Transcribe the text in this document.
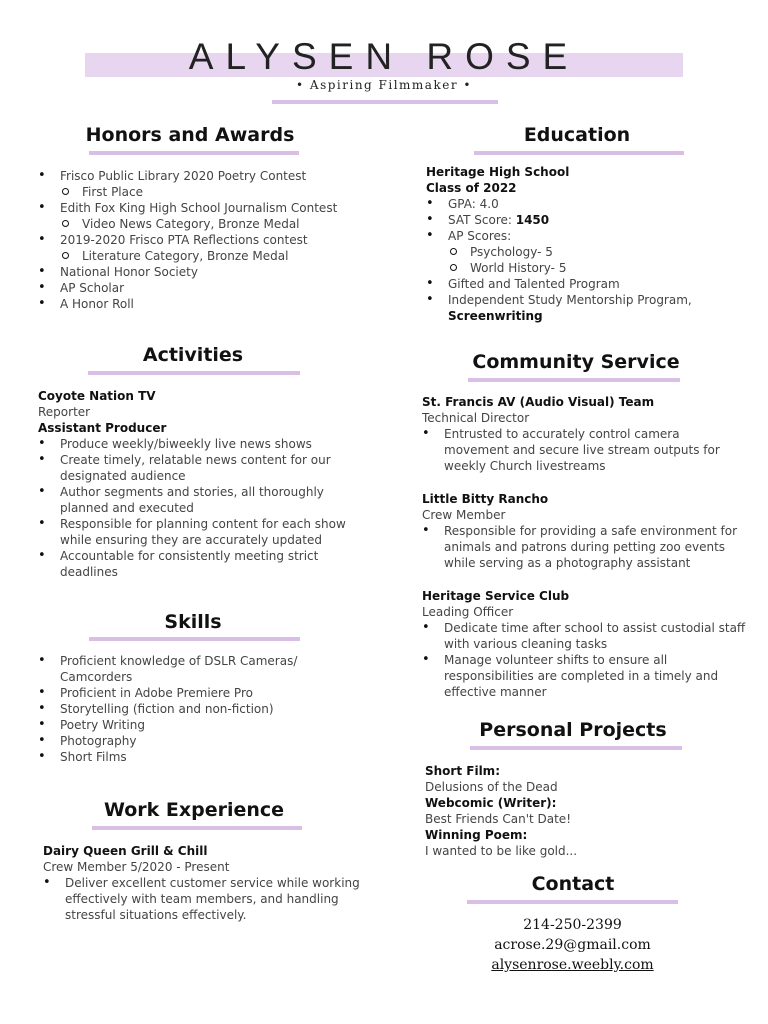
ALYSEN ROSE
• Aspiring Filmmaker •
Honors and Awards
• Frisco Public Library 2020 Poetry Contest
First Place
• Edith Fox King High School Journalism Contest
Video News Category, Bronze Medal
• 2019-2020 Frisco PTA Reflections contest
Literature Category, Bronze Medal
• National Honor Society
• AP Scholar
• A Honor Roll
Education
Heritage High School
Class of 2022
• GPA: 4.0
• SAT Score: 1450
• AP Scores:
Psychology- 5
World History- 5
• Gifted and Talented Program
• Independent Study Mentorship Program,
Screenwriting
Activities
Coyote Nation TV
Reporter
Assistant Producer
• Produce weekly/biweekly live news shows
• Create timely, relatable news content for our
designated audience
• Author segments and stories, all thoroughly
planned and executed
• Responsible for planning content for each show
while ensuring they are accurately updated
• Accountable for consistently meeting strict
deadlines
Community Service
St. Francis AV (Audio Visual) Team
Technical Director
• Entrusted to accurately control camera
movement and secure live stream outputs for
weekly Church livestreams
Little Bitty Rancho
Crew Member
• Responsible for providing a safe environment for
animals and patrons during petting zoo events
while serving as a photography assistant
Heritage Service Club
Leading Officer
• Dedicate time after school to assist custodial staff
with various cleaning tasks
• Manage volunteer shifts to ensure all
responsibilities are completed in a timely and
effective manner
Skills
• Proficient knowledge of DSLR Cameras/
Camcorders
• Proficient in Adobe Premiere Pro
• Storytelling (fiction and non-fiction)
• Poetry Writing
• Photography
• Short Films
Personal Projects
Short Film:
Delusions of the Dead
Webcomic (Writer):
Best Friends Can't Date!
Winning Poem:
I wanted to be like gold...
Work Experience
Dairy Queen Grill & Chill
Crew Member 5/2020 - Present
• Deliver excellent customer service while working
effectively with team members, and handling
stressful situations effectively.
Contact
214-250-2399
acrose.29@gmail.com
alysenrose.weebly.com
